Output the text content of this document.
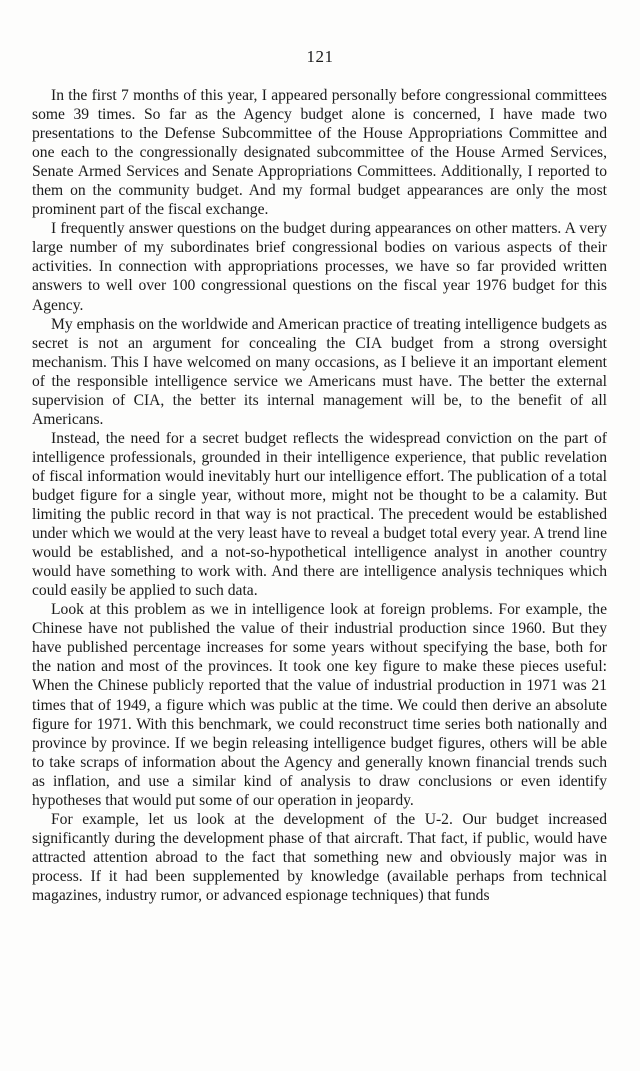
121

In the first 7 months of this year, I appeared personally before congressional committees some 39 times. So far as the Agency budget alone is concerned, I have made two presentations to the Defense Subcommittee of the House Appropriations Committee and one each to the congressionally designated subcommittee of the House Armed Services, Senate Armed Services and Senate Appropriations Committees. Additionally, I reported to them on the community budget. And my formal budget appearances are only the most prominent part of the fiscal exchange.

I frequently answer questions on the budget during appearances on other matters. A very large number of my subordinates brief congressional bodies on various aspects of their activities. In connection with appropriations processes, we have so far provided written answers to well over 100 congressional questions on the fiscal year 1976 budget for this Agency.

My emphasis on the worldwide and American practice of treating intelligence budgets as secret is not an argument for concealing the CIA budget from a strong oversight mechanism. This I have welcomed on many occasions, as I believe it an important element of the responsible intelligence service we Americans must have. The better the external supervision of CIA, the better its internal management will be, to the benefit of all Americans.

Instead, the need for a secret budget reflects the widespread conviction on the part of intelligence professionals, grounded in their intelligence experience, that public revelation of fiscal information would inevitably hurt our intelligence effort. The publication of a total budget figure for a single year, without more, might not be thought to be a calamity. But limiting the public record in that way is not practical. The precedent would be established under which we would at the very least have to reveal a budget total every year. A trend line would be established, and a not-so-hypothetical intelligence analyst in another country would have something to work with. And there are intelligence analysis techniques which could easily be applied to such data.

Look at this problem as we in intelligence look at foreign problems. For example, the Chinese have not published the value of their industrial production since 1960. But they have published percentage increases for some years without specifying the base, both for the nation and most of the provinces. It took one key figure to make these pieces useful: When the Chinese publicly reported that the value of industrial production in 1971 was 21 times that of 1949, a figure which was public at the time. We could then derive an absolute figure for 1971. With this benchmark, we could reconstruct time series both nationally and province by province. If we begin releasing intelligence budget figures, others will be able to take scraps of information about the Agency and generally known financial trends such as inflation, and use a similar kind of analysis to draw conclusions or even identify hypotheses that would put some of our operation in jeopardy.

For example, let us look at the development of the U-2. Our budget increased significantly during the development phase of that aircraft. That fact, if public, would have attracted attention abroad to the fact that something new and obviously major was in process. If it had been supplemented by knowledge (available perhaps from technical magazines, industry rumor, or advanced espionage techniques) that funds
